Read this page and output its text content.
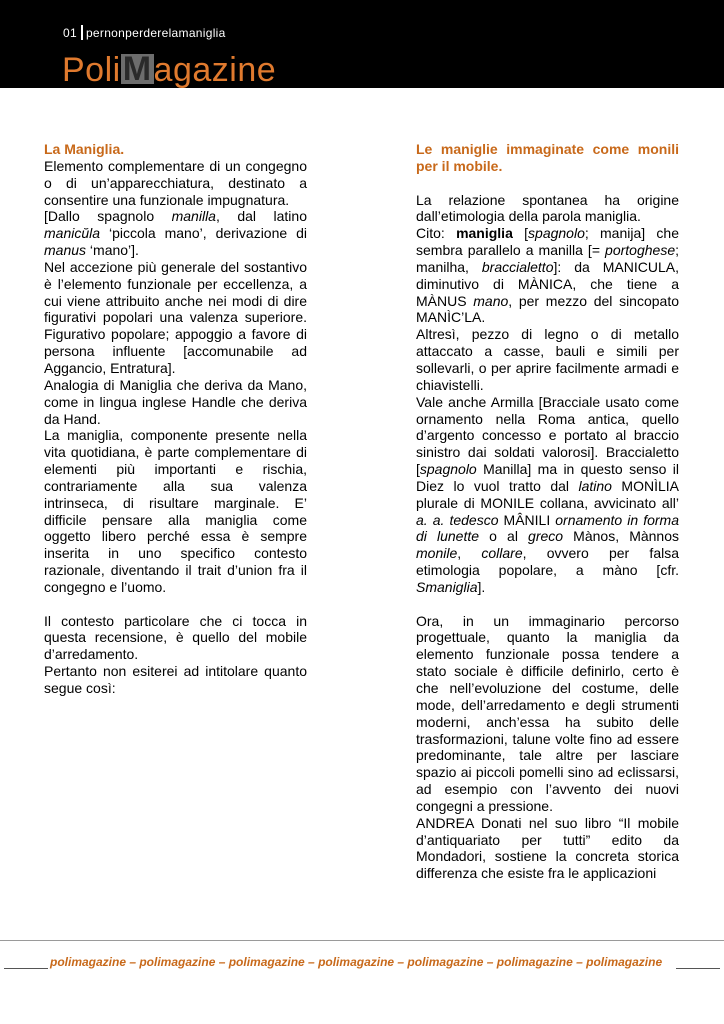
01 pernonperderelamaniglia
PoliMagazine

La Maniglia.

Elemento complementare di un congegno o di un’apparecchiatura, destinato a consentire una funzionale impugnatura.

[Dallo spagnolo manilla, dal latino manicŭla ‘piccola mano’, derivazione di manus ‘mano’].

Nel accezione più generale del sostantivo è l’elemento funzionale per eccellenza, a cui viene attribuito anche nei modi di dire figurativi popolari una valenza superiore. Figurativo popolare; appoggio a favore di persona influente [accomunabile ad Aggancio, Entratura].

Analogia di Maniglia che deriva da Mano, come in lingua inglese Handle che deriva da Hand.

La maniglia, componente presente nella vita quotidiana, è parte complementare di elementi più importanti e rischia, contrariamente alla sua valenza intrinseca, di risultare marginale. E’ difficile pensare alla maniglia come oggetto libero perché essa è sempre inserita in uno specifico contesto razionale, diventando il trait d’union fra il congegno e l’uomo.

Il contesto particolare che ci tocca in questa recensione, è quello del mobile d’arredamento.

Pertanto non esiterei ad intitolare quanto segue così:

Le maniglie immaginate come monili per il mobile.

La relazione spontanea ha origine dall’etimologia della parola maniglia.

Cito: maniglia [spagnolo; manija] che sembra parallelo a manilla [= portoghese; manilha, braccialetto]: da MANICULA, diminutivo di MÀNICA, che tiene a MÀNUS mano, per mezzo del sincopato MANÌC’LA.

Altresì, pezzo di legno o di metallo attaccato a casse, bauli e simili per sollevarli, o per aprire facilmente armadi e chiavistelli.

Vale anche Armilla [Bracciale usato come ornamento nella Roma antica, quello d’argento concesso e portato al braccio sinistro dai soldati valorosi]. Braccialetto [spagnolo Manilla] ma in questo senso il Diez lo vuol tratto dal latino MONÌLIA plurale di MONILE collana, avvicinato all’ a. a. tedesco MÂNILI ornamento in forma di lunette o al greco Mànos, Mànnos monile, collare, ovvero per falsa etimologia popolare, a màno [cfr. Smaniglia].

Ora, in un immaginario percorso progettuale, quanto la maniglia da elemento funzionale possa tendere a stato sociale è difficile definirlo, certo è che nell’evoluzione del costume, delle mode, dell’arredamento e degli strumenti moderni, anch’essa ha subito delle trasformazioni, talune volte fino ad essere predominante, tale altre per lasciare spazio ai piccoli pomelli sino ad eclissarsi, ad esempio con l’avvento dei nuovi congegni a pressione.

ANDREA Donati nel suo libro “Il mobile d’antiquariato per tutti” edito da Mondadori, sostiene la concreta storica differenza che esiste fra le applicazioni

polimagazine – polimagazine – polimagazine – polimagazine – polimagazine – polimagazine – polimagazine
